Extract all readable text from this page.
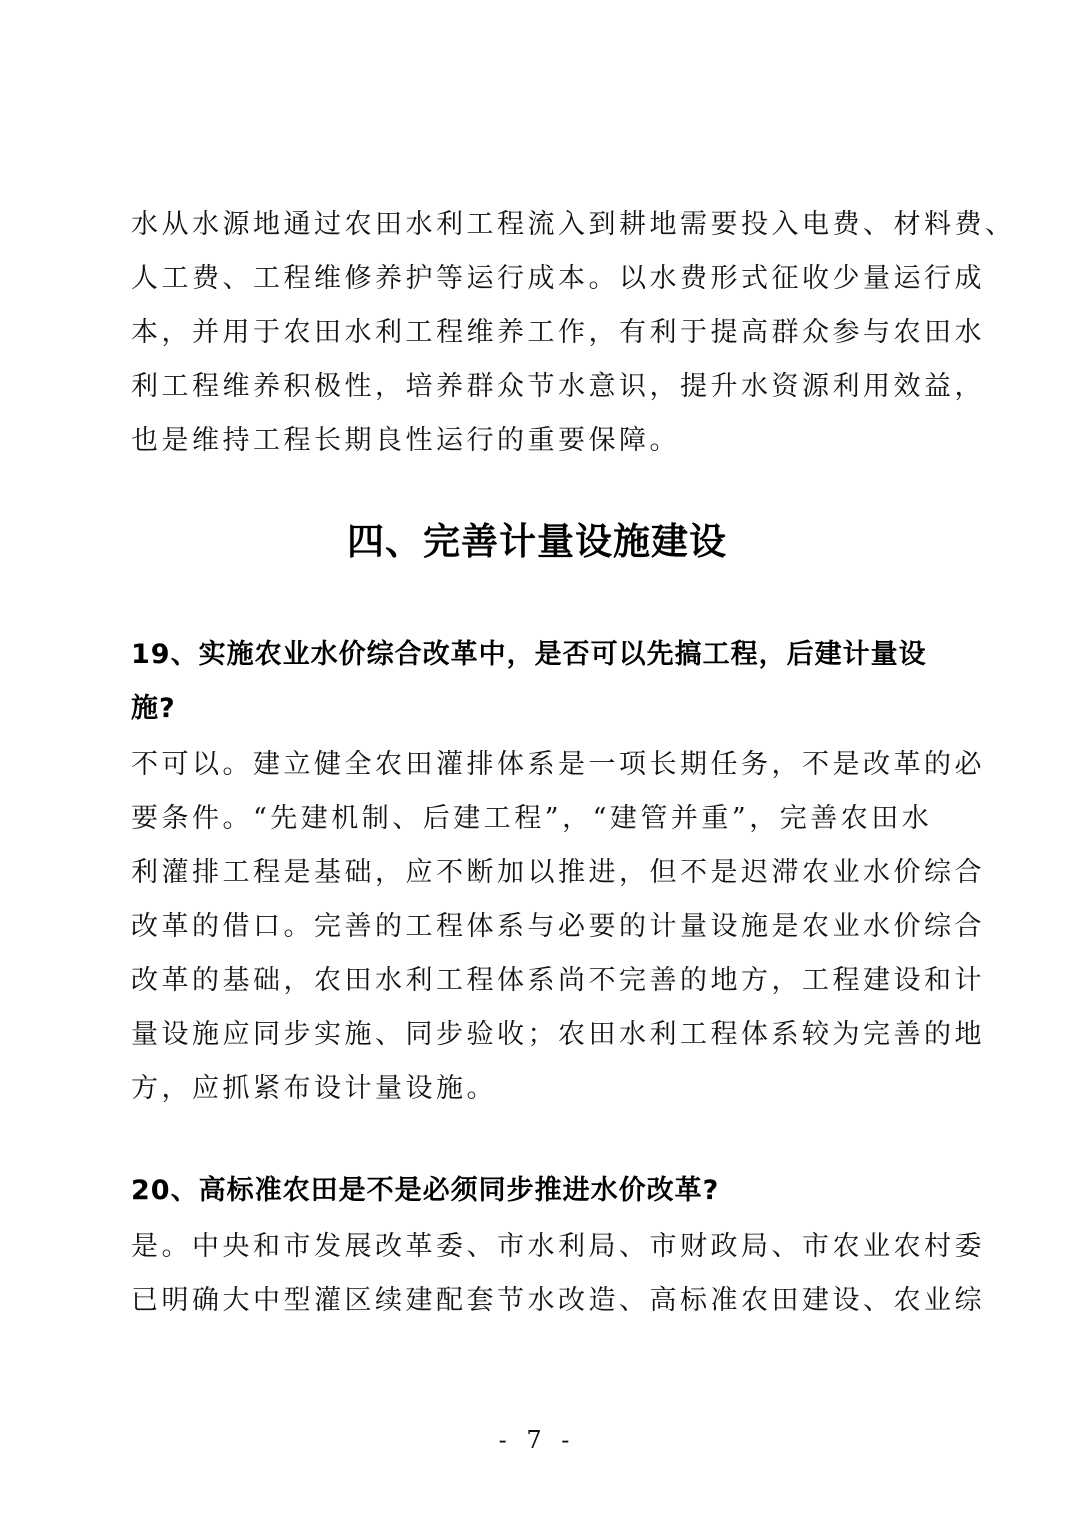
水从水源地通过农田水利工程流入到耕地需要投入电费、材料费、

人工费、工程维修养护等运行成本。以水费形式征收少量运行成

本，并用于农田水利工程维养工作，有利于提高群众参与农田水

利工程维养积极性，培养群众节水意识，提升水资源利用效益，

也是维持工程长期良性运行的重要保障。

四、完善计量设施建设

19、实施农业水价综合改革中，是否可以先搞工程，后建计量设

施?

不可以。建立健全农田灌排体系是一项长期任务，不是改革的必

要条件。“先建机制、后建工程”，“建管并重”，完善农田水

利灌排工程是基础，应不断加以推进，但不是迟滞农业水价综合

改革的借口。完善的工程体系与必要的计量设施是农业水价综合

改革的基础，农田水利工程体系尚不完善的地方，工程建设和计

量设施应同步实施、同步验收；农田水利工程体系较为完善的地

方，应抓紧布设计量设施。

20、高标准农田是不是必须同步推进水价改革?

是。中央和市发展改革委、市水利局、市财政局、市农业农村委

已明确大中型灌区续建配套节水改造、高标准农田建设、农业综

- 7 -
